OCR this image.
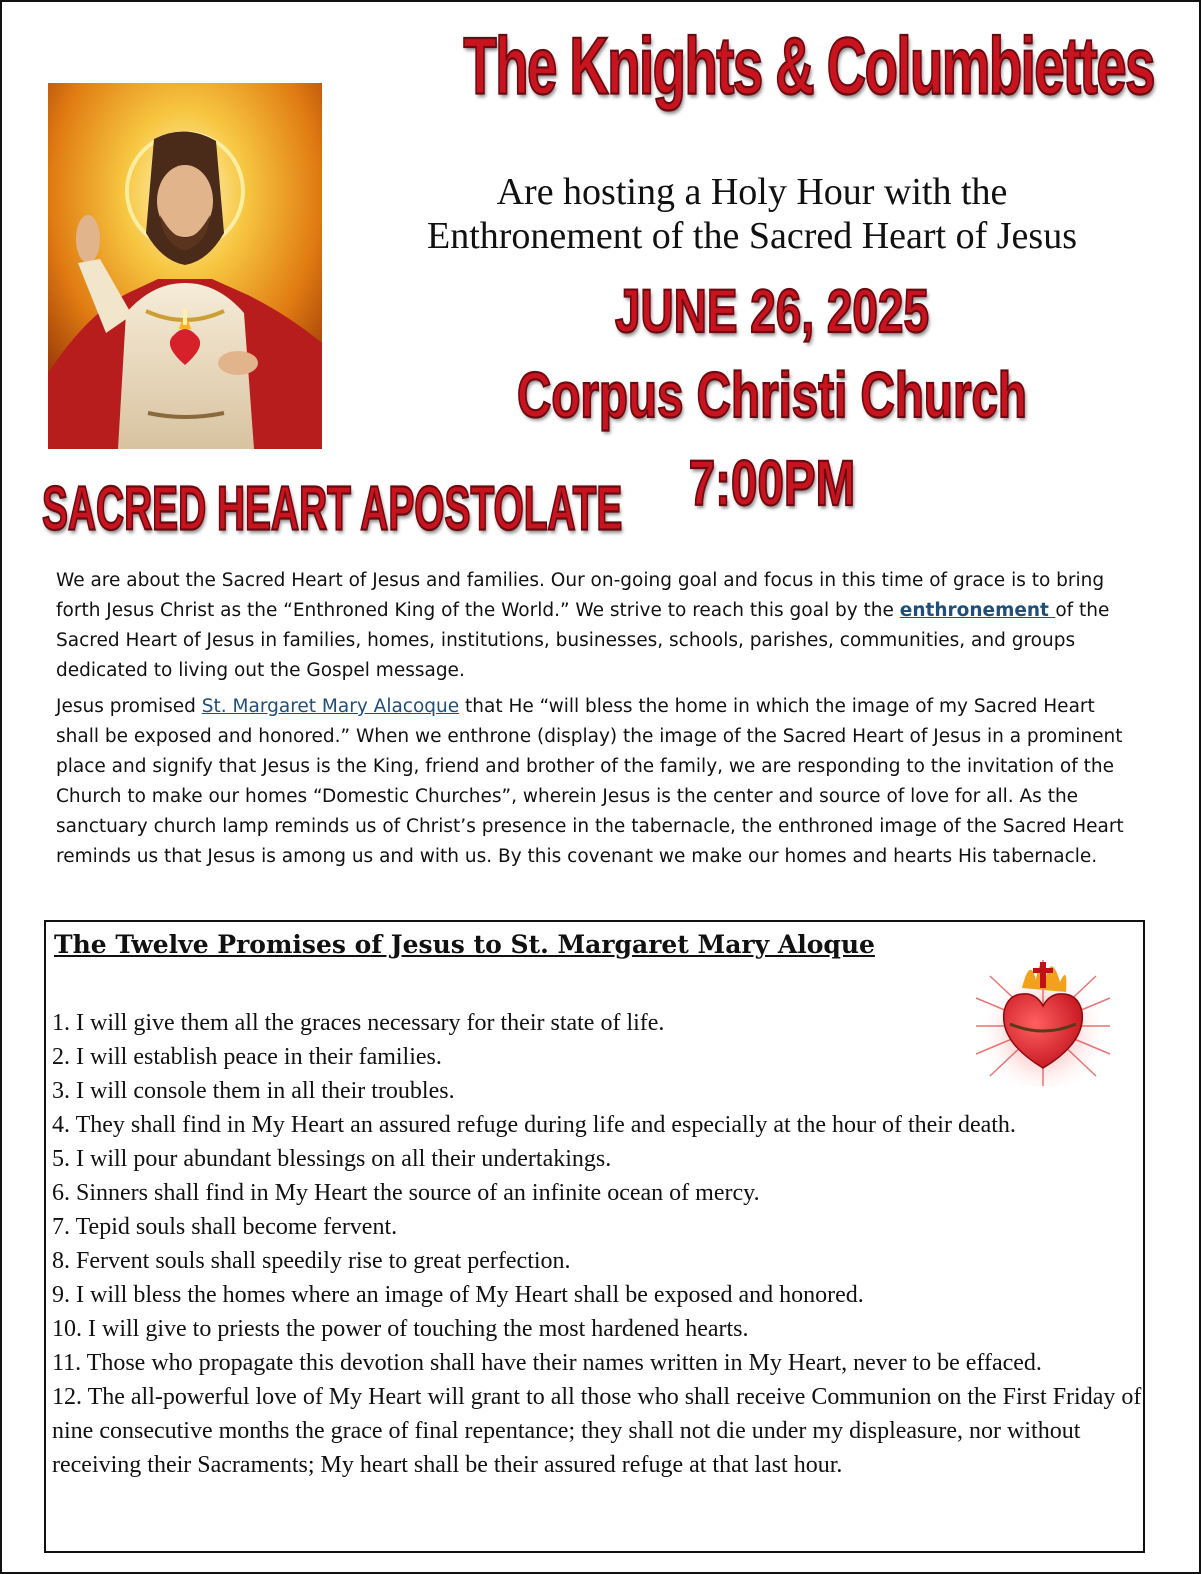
The Knights & Columbiettes

Are hosting a Holy Hour with the
Enthronement of the Sacred Heart of Jesus

JUNE 26, 2025
Corpus Christi Church
7:00PM
SACRED HEART APOSTOLATE

We are about the Sacred Heart of Jesus and families. Our on-going goal and focus in this time of grace is to bring forth Jesus Christ as the “Enthroned King of the World.” We strive to reach this goal by the enthronement of the Sacred Heart of Jesus in families, homes, institutions, businesses, schools, parishes, communities, and groups dedicated to living out the Gospel message.

Jesus promised St. Margaret Mary Alacoque that He “will bless the home in which the image of my Sacred Heart shall be exposed and honored.” When we enthrone (display) the image of the Sacred Heart of Jesus in a prominent place and signify that Jesus is the King, friend and brother of the family, we are responding to the invitation of the Church to make our homes “Domestic Churches”, wherein Jesus is the center and source of love for all. As the sanctuary church lamp reminds us of Christ’s presence in the tabernacle, the enthroned image of the Sacred Heart reminds us that Jesus is among us and with us. By this covenant we make our homes and hearts His tabernacle.

The Twelve Promises of Jesus to St. Margaret Mary Aloque
1. I will give them all the graces necessary for their state of life.
2. I will establish peace in their families.
3. I will console them in all their troubles.
4. They shall find in My Heart an assured refuge during life and especially at the hour of their death.
5. I will pour abundant blessings on all their undertakings.
6. Sinners shall find in My Heart the source of an infinite ocean of mercy.
7. Tepid souls shall become fervent.
8. Fervent souls shall speedily rise to great perfection.
9. I will bless the homes where an image of My Heart shall be exposed and honored.
10. I will give to priests the power of touching the most hardened hearts.
11. Those who propagate this devotion shall have their names written in My Heart, never to be effaced.
12. The all-powerful love of My Heart will grant to all those who shall receive Communion on the First Friday of nine consecutive months the grace of final repentance; they shall not die under my displeasure, nor without receiving their Sacraments; My heart shall be their assured refuge at that last hour.
